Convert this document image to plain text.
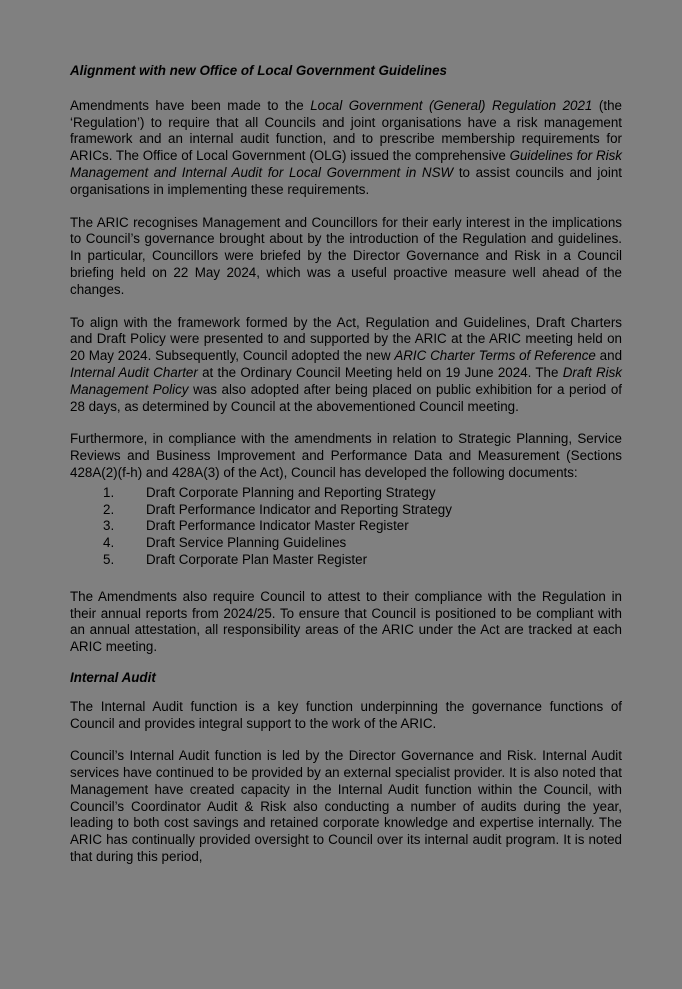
Alignment with new Office of Local Government Guidelines

Amendments have been made to the Local Government (General) Regulation 2021 (the ‘Regulation’) to require that all Councils and joint organisations have a risk management framework and an internal audit function, and to prescribe membership requirements for ARICs. The Office of Local Government (OLG) issued the comprehensive Guidelines for Risk Management and Internal Audit for Local Government in NSW to assist councils and joint organisations in implementing these requirements.

The ARIC recognises Management and Councillors for their early interest in the implications to Council’s governance brought about by the introduction of the Regulation and guidelines. In particular, Councillors were briefed by the Director Governance and Risk in a Council briefing held on 22 May 2024, which was a useful proactive measure well ahead of the changes.

To align with the framework formed by the Act, Regulation and Guidelines, Draft Charters and Draft Policy were presented to and supported by the ARIC at the ARIC meeting held on 20 May 2024. Subsequently, Council adopted the new ARIC Charter Terms of Reference and Internal Audit Charter at the Ordinary Council Meeting held on 19 June 2024. The Draft Risk Management Policy was also adopted after being placed on public exhibition for a period of 28 days, as determined by Council at the abovementioned Council meeting.

Furthermore, in compliance with the amendments in relation to Strategic Planning, Service Reviews and Business Improvement and Performance Data and Measurement (Sections 428A(2)(f-h) and 428A(3) of the Act), Council has developed the following documents:

1.	Draft Corporate Planning and Reporting Strategy
2.	Draft Performance Indicator and Reporting Strategy
3.	Draft Performance Indicator Master Register
4.	Draft Service Planning Guidelines
5.	Draft Corporate Plan Master Register

The Amendments also require Council to attest to their compliance with the Regulation in their annual reports from 2024/25. To ensure that Council is positioned to be compliant with an annual attestation, all responsibility areas of the ARIC under the Act are tracked at each ARIC meeting.

Internal Audit

The Internal Audit function is a key function underpinning the governance functions of Council and provides integral support to the work of the ARIC.

Council’s Internal Audit function is led by the Director Governance and Risk. Internal Audit services have continued to be provided by an external specialist provider. It is also noted that Management have created capacity in the Internal Audit function within the Council, with Council’s Coordinator Audit & Risk also conducting a number of audits during the year, leading to both cost savings and retained corporate knowledge and expertise internally. The ARIC has continually provided oversight to Council over its internal audit program. It is noted that during this period,
